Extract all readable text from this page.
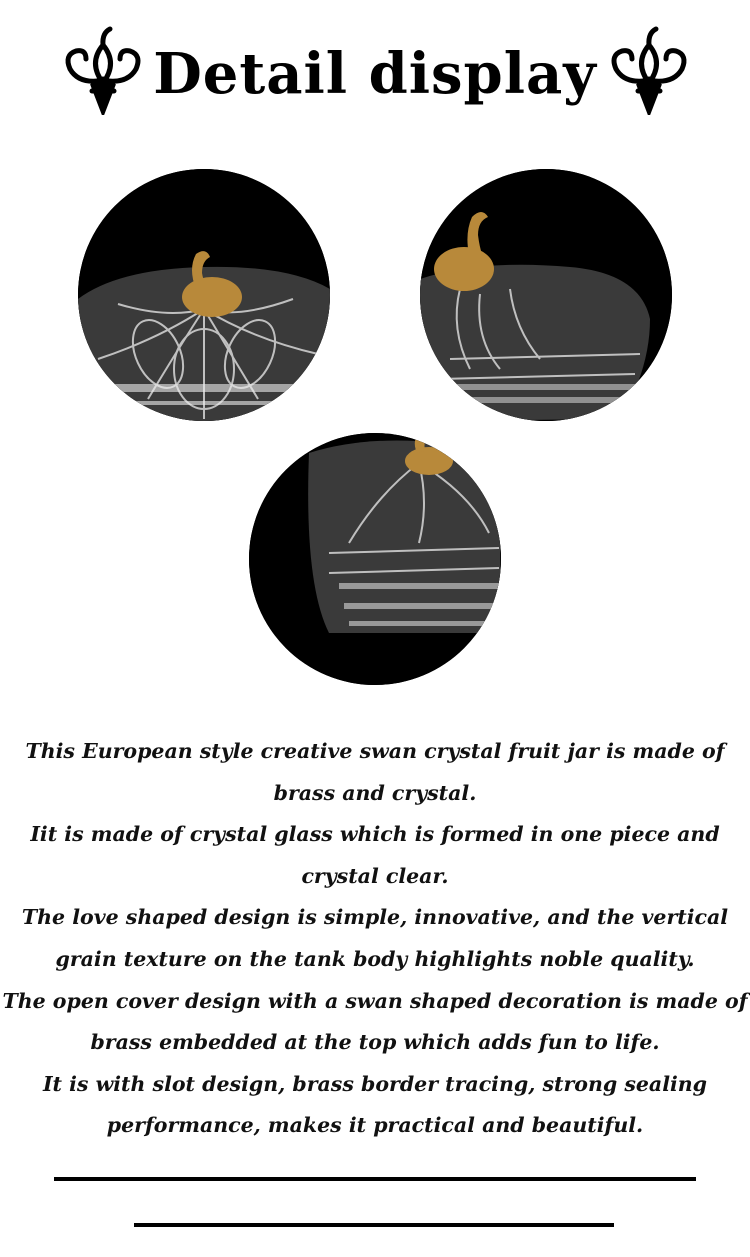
Detail display

This European style creative swan crystal fruit jar is made of brass and crystal.

Iit is made of crystal glass which is formed in one piece and crystal clear.

The love shaped design is simple, innovative, and the vertical grain texture on the tank body highlights noble quality.

The open cover design with a swan shaped decoration is made of brass embedded at the top which adds fun to life.

It is with slot design, brass border tracing, strong sealing performance, makes it practical and beautiful.
